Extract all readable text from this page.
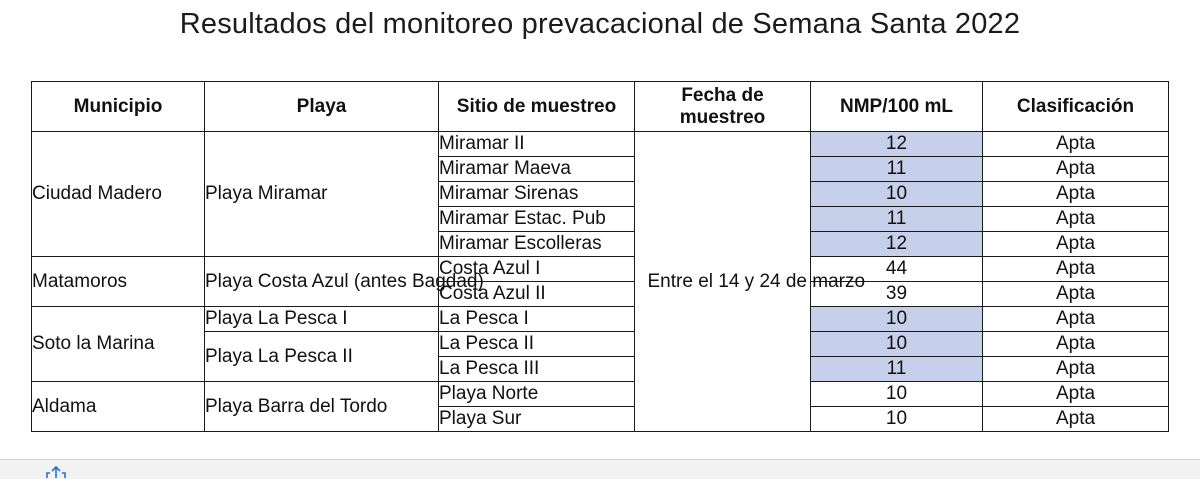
Resultados del monitoreo prevacacional de Semana Santa 2022
Municipio	Playa	Sitio de muestreo	Fecha de muestreo	NMP/100 mL	Clasificación
Ciudad Madero	Playa Miramar	Miramar II	Entre el 14 y 24 de marzo	12	Apta
		Miramar Maeva		11	Apta
		Miramar Sirenas		10	Apta
		Miramar Estac. Pub		11	Apta
		Miramar Escolleras		12	Apta
Matamoros	Playa Costa Azul (antes Bagdad)	Costa Azul I		44	Apta
		Costa Azul II		39	Apta
Soto la Marina	Playa La Pesca I	La Pesca I		10	Apta
	Playa La Pesca II	La Pesca II		10	Apta
		La Pesca III		11	Apta
Aldama	Playa Barra del Tordo	Playa Norte		10	Apta
		Playa Sur		10	Apta
